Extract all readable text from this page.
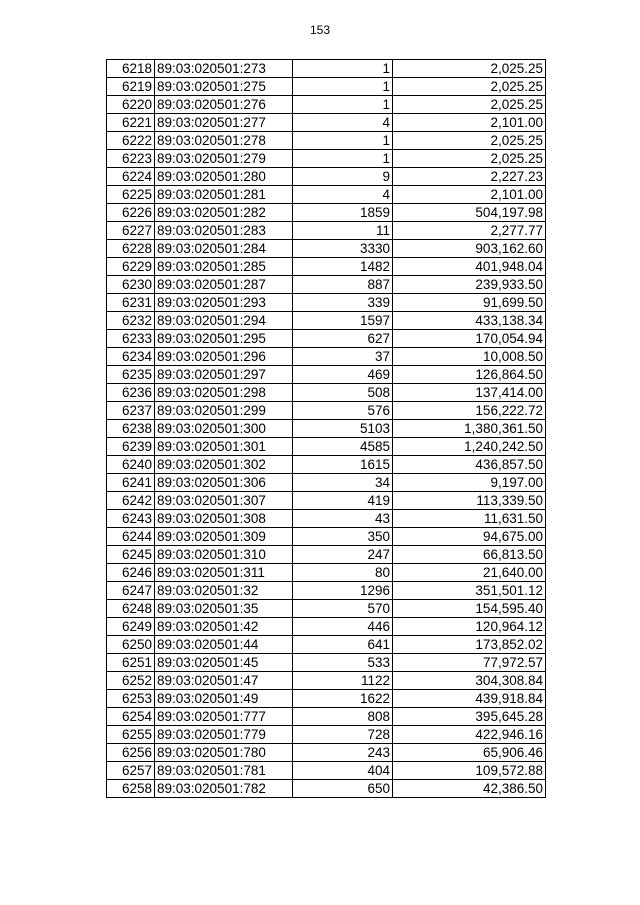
153
6218	89:03:020501:273	1	2,025.25
6219	89:03:020501:275	1	2,025.25
6220	89:03:020501:276	1	2,025.25
6221	89:03:020501:277	4	2,101.00
6222	89:03:020501:278	1	2,025.25
6223	89:03:020501:279	1	2,025.25
6224	89:03:020501:280	9	2,227.23
6225	89:03:020501:281	4	2,101.00
6226	89:03:020501:282	1859	504,197.98
6227	89:03:020501:283	11	2,277.77
6228	89:03:020501:284	3330	903,162.60
6229	89:03:020501:285	1482	401,948.04
6230	89:03:020501:287	887	239,933.50
6231	89:03:020501:293	339	91,699.50
6232	89:03:020501:294	1597	433,138.34
6233	89:03:020501:295	627	170,054.94
6234	89:03:020501:296	37	10,008.50
6235	89:03:020501:297	469	126,864.50
6236	89:03:020501:298	508	137,414.00
6237	89:03:020501:299	576	156,222.72
6238	89:03:020501:300	5103	1,380,361.50
6239	89:03:020501:301	4585	1,240,242.50
6240	89:03:020501:302	1615	436,857.50
6241	89:03:020501:306	34	9,197.00
6242	89:03:020501:307	419	113,339.50
6243	89:03:020501:308	43	11,631.50
6244	89:03:020501:309	350	94,675.00
6245	89:03:020501:310	247	66,813.50
6246	89:03:020501:311	80	21,640.00
6247	89:03:020501:32	1296	351,501.12
6248	89:03:020501:35	570	154,595.40
6249	89:03:020501:42	446	120,964.12
6250	89:03:020501:44	641	173,852.02
6251	89:03:020501:45	533	77,972.57
6252	89:03:020501:47	1122	304,308.84
6253	89:03:020501:49	1622	439,918.84
6254	89:03:020501:777	808	395,645.28
6255	89:03:020501:779	728	422,946.16
6256	89:03:020501:780	243	65,906.46
6257	89:03:020501:781	404	109,572.88
6258	89:03:020501:782	650	42,386.50
